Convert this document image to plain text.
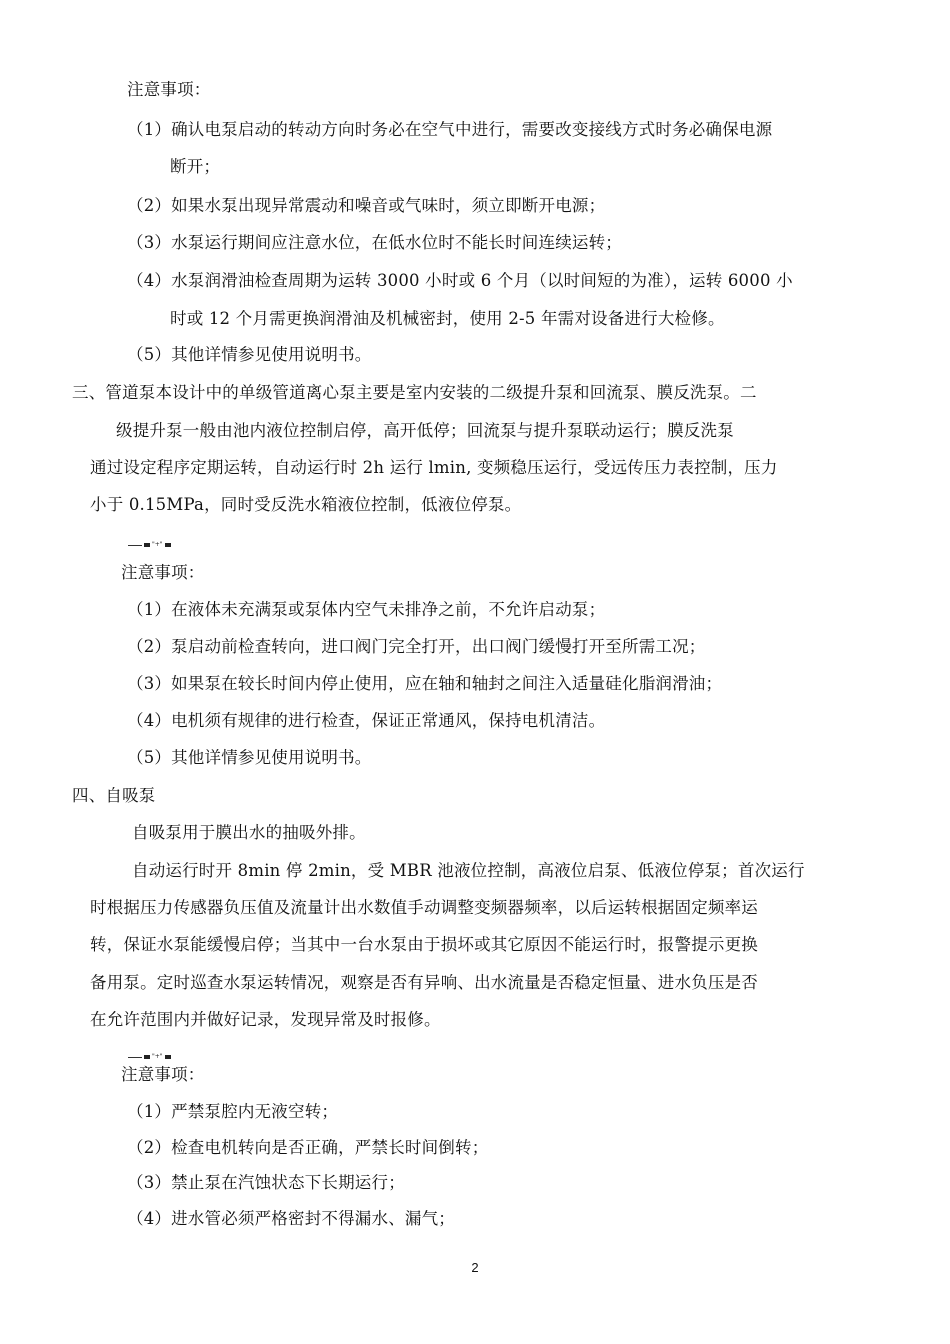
注意事项：
（1）确认电泵启动的转动方向时务必在空气中进行，需要改变接线方式时务必确保电源
断开；
（2）如果水泵出现异常震动和噪音或气味时，须立即断开电源；
（3）水泵运行期间应注意水位，在低水位时不能长时间连续运转；
（4）水泵润滑油检查周期为运转 3000 小时或 6 个月（以时间短的为准），运转 6000 小
时或 12 个月需更换润滑油及机械密封，使用 2-5 年需对设备进行大检修。
（5）其他详情参见使用说明书。
三、管道泵本设计中的单级管道离心泵主要是室内安装的二级提升泵和回流泵、膜反洗泵。二
级提升泵一般由池内液位控制启停，高开低停；回流泵与提升泵联动运行；膜反洗泵
通过设定程序定期运转，自动运行时 2h 运行 lmin, 变频稳压运行，受远传压力表控制，压力
小于 0.15MPa，同时受反洗水箱液位控制，低液位停泵。
"+"
注意事项：
（1）在液体未充满泵或泵体内空气未排净之前，不允许启动泵；
（2）泵启动前检查转向，进口阀门完全打开，出口阀门缓慢打开至所需工况；
（3）如果泵在较长时间内停止使用，应在轴和轴封之间注入适量硅化脂润滑油；
（4）电机须有规律的进行检查，保证正常通风，保持电机清洁。
（5）其他详情参见使用说明书。
四、自吸泵
自吸泵用于膜出水的抽吸外排。
自动运行时开 8min 停 2min，受 MBR 池液位控制，高液位启泵、低液位停泵；首次运行
时根据压力传感器负压值及流量计出水数值手动调整变频器频率，以后运转根据固定频率运
转，保证水泵能缓慢启停；当其中一台水泵由于损坏或其它原因不能运行时，报警提示更换
备用泵。定时巡查水泵运转情况，观察是否有异响、出水流量是否稳定恒量、进水负压是否
在允许范围内并做好记录，发现异常及时报修。
"+"
注意事项：
（1）严禁泵腔内无液空转；
（2）检查电机转向是否正确，严禁长时间倒转；
（3）禁止泵在汽蚀状态下长期运行；
（4）进水管必须严格密封不得漏水、漏气；
2
